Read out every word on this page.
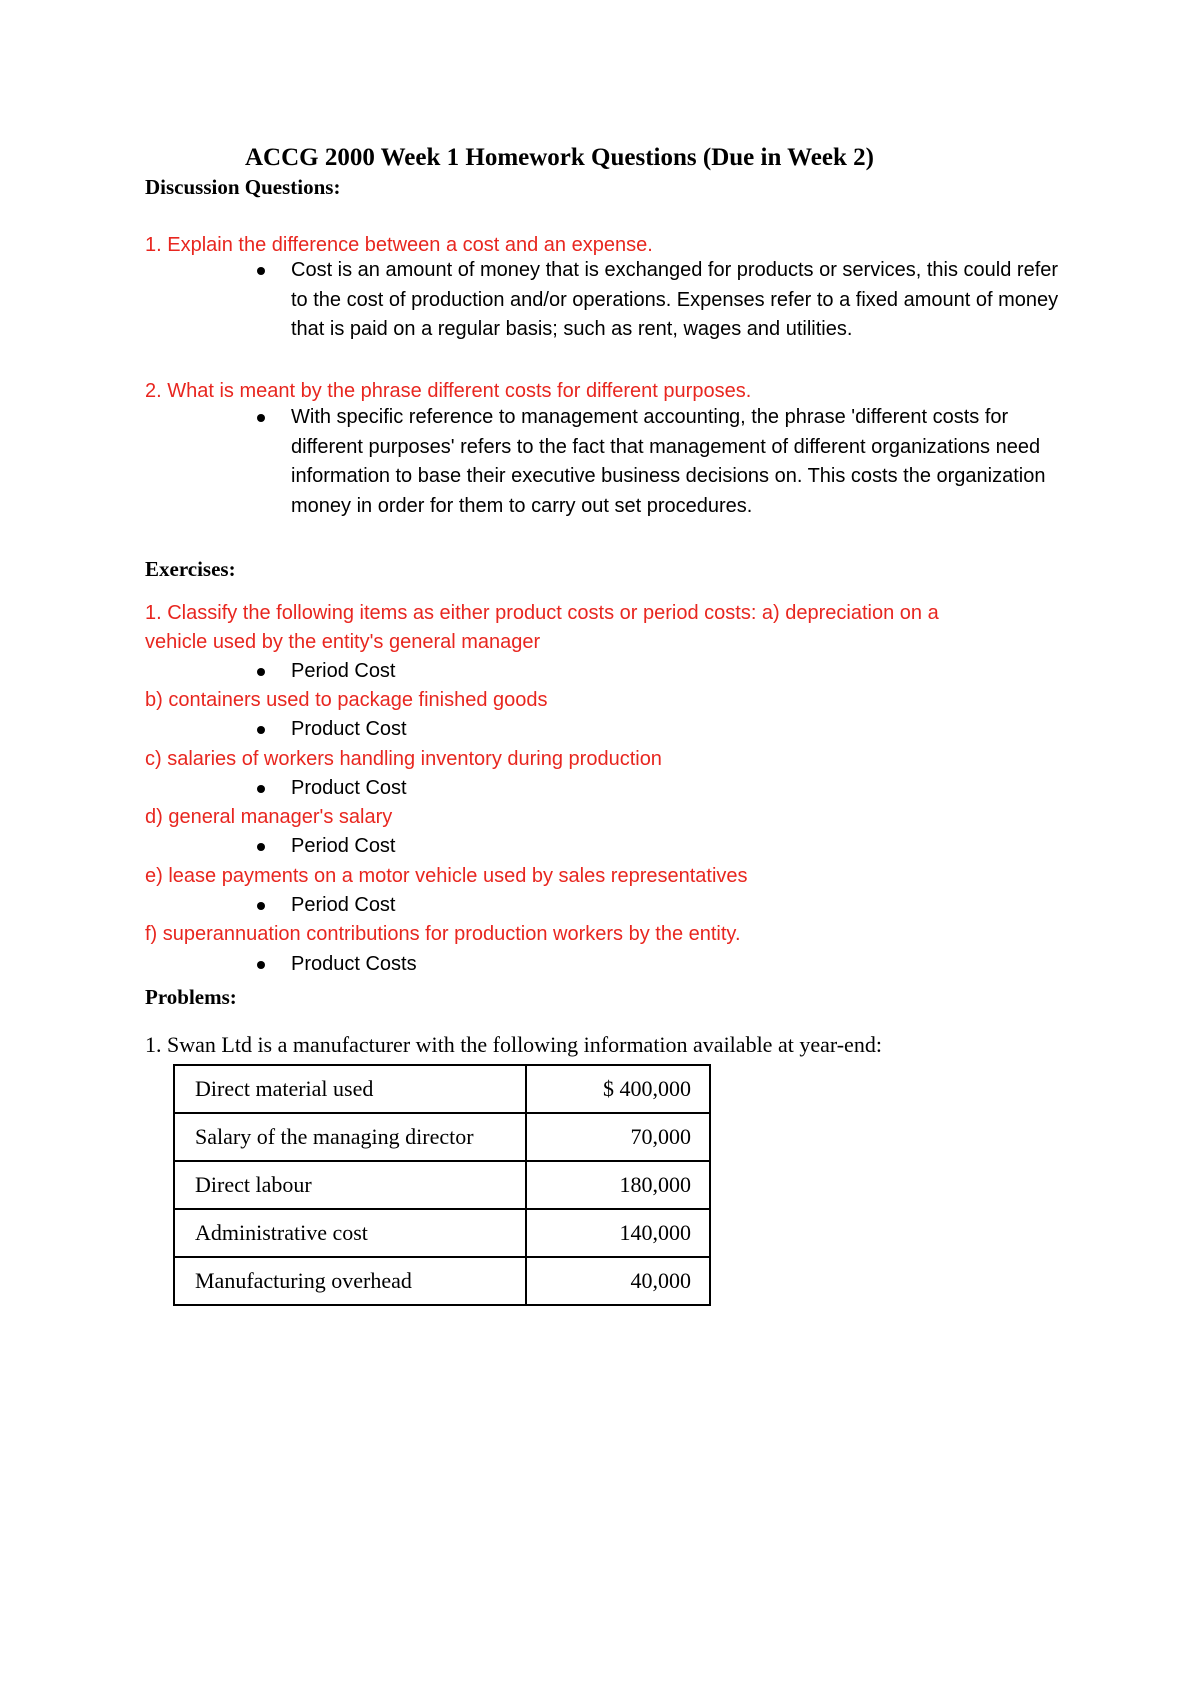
ACCG 2000 Week 1 Homework Questions (Due in Week 2)
Discussion Questions:
1. Explain the difference between a cost and an expense.
Cost is an amount of money that is exchanged for products or services, this could refer to the cost of production and/or operations. Expenses refer to a fixed amount of money that is paid on a regular basis; such as rent, wages and utilities.
2. What is meant by the phrase different costs for different purposes.
With specific reference to management accounting, the phrase 'different costs for different purposes' refers to the fact that management of different organizations need information to base their executive business decisions on. This costs the organization money in order for them to carry out set procedures.
Exercises:
1. Classify the following items as either product costs or period costs: a) depreciation on a
vehicle used by the entity's general manager
Period Cost
b) containers used to package finished goods
Product Cost
c) salaries of workers handling inventory during production
Product Cost
d) general manager's salary
Period Cost
e) lease payments on a motor vehicle used by sales representatives
Period Cost
f) superannuation contributions for production workers by the entity.
Product Costs
Problems:
1. Swan Ltd is a manufacturer with the following information available at year-end:
Direct material used	$ 400,000
Salary of the managing director	70,000
Direct labour	180,000
Administrative cost	140,000
Manufacturing overhead	40,000
